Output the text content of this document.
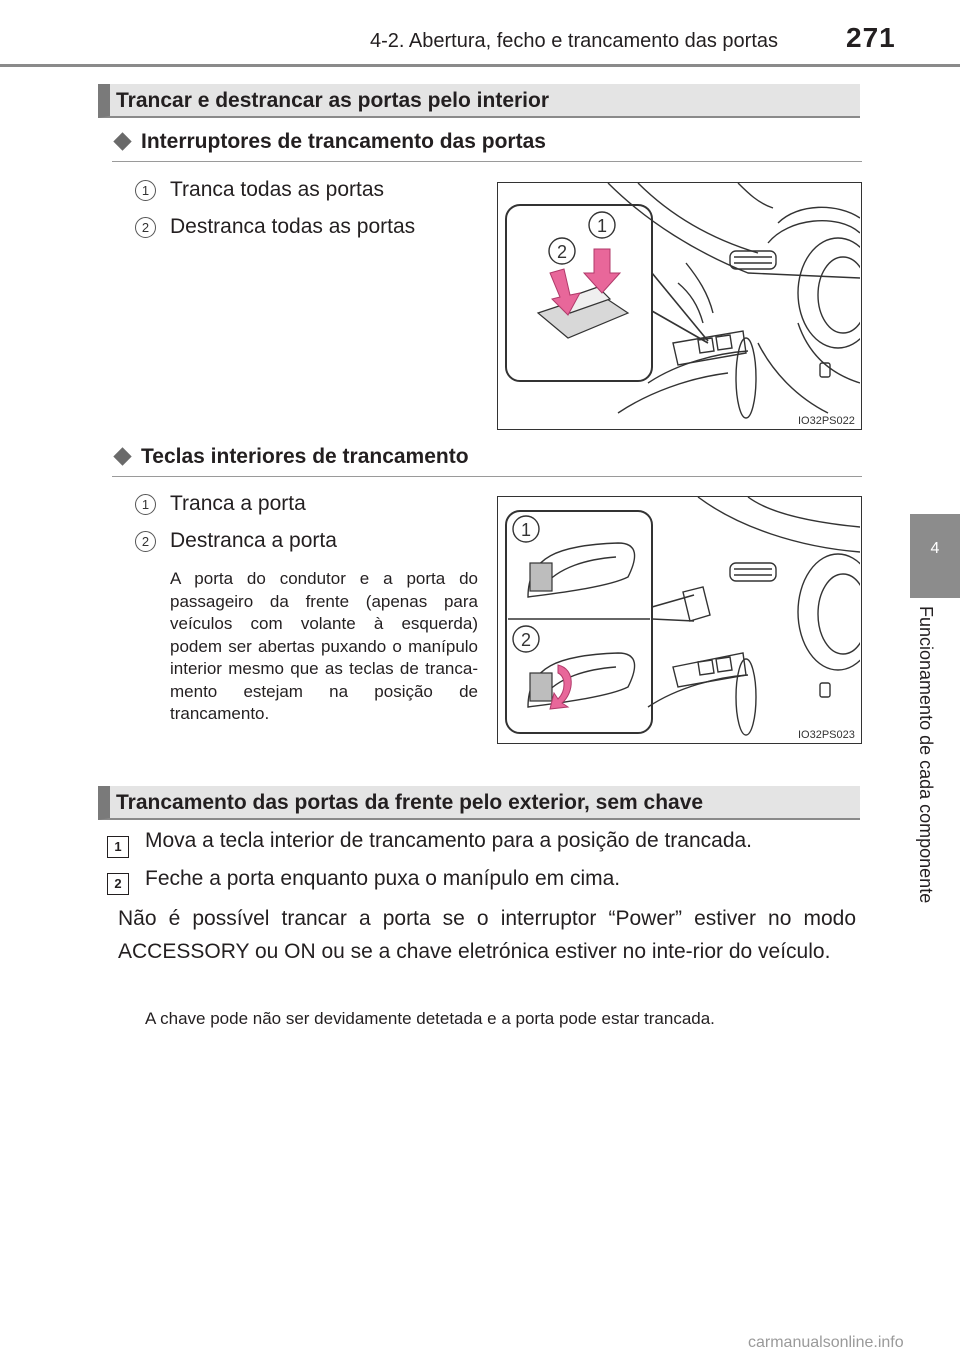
4-2. Abertura, fecho e trancamento das portas 271
4
Funcionamento de cada componente
Trancar e destrancar as portas pelo interior
Interruptores de trancamento das portas
1 Tranca todas as portas
2 Destranca todas as portas	1
2
IO32PS022
Teclas interiores de trancamento
1 Tranca a porta
2 Destranca a porta
A porta do condutor e a porta do passageiro da frente (apenas para veículos com volante à esquerda) podem ser abertas puxando o manípulo interior mesmo que as teclas de tranca-mento estejam na posição de trancamento.
1
2
IO32PS023
Trancamento das portas da frente pelo exterior, sem chave
1	Mova a tecla interior de trancamento para a posição de trancada.
2	Feche a porta enquanto puxa o manípulo em cima.
Não é possível trancar a porta se o interruptor “Power” estiver no modo ACCESSORY ou ON ou se a chave eletrónica estiver no inte-rior do veículo.
A chave pode não ser devidamente detetada e a porta pode estar trancada.
carmanualsonline.info
